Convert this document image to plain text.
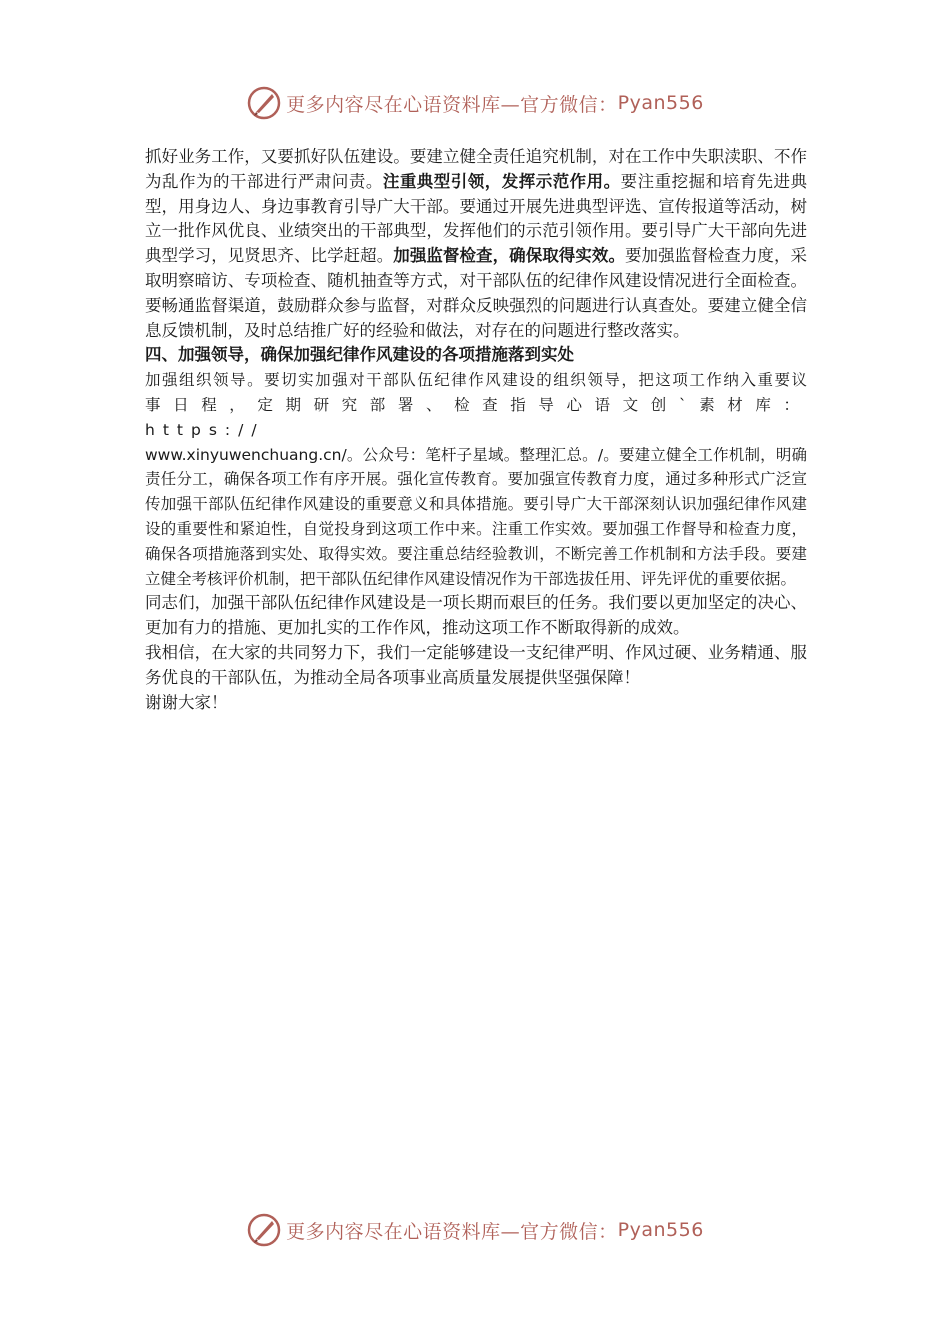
更多内容尽在心语资料库—官方微信： Pyan556

抓好业务工作，又要抓好队伍建设。要建立健全责任追究机制，对在工作中失职渎职、不作为乱作为的干部进行严肃问责。注重典型引领，发挥示范作用。要注重挖掘和培育先进典型，用身边人、身边事教育引导广大干部。要通过开展先进典型评选、宣传报道等活动，树立一批作风优良、业绩突出的干部典型，发挥他们的示范引领作用。要引导广大干部向先进典型学习，见贤思齐、比学赶超。加强监督检查，确保取得实效。要加强监督检查力度，采取明察暗访、专项检查、随机抽查等方式，对干部队伍的纪律作风建设情况进行全面检查。要畅通监督渠道，鼓励群众参与监督，对群众反映强烈的问题进行认真查处。要建立健全信息反馈机制，及时总结推广好的经验和做法，对存在的问题进行整改落实。

四、加强领导，确保加强纪律作风建设的各项措施落到实处

加强组织领导。要切实加强对干部队伍纪律作风建设的组织领导，把这项工作纳入重要议
事日程，定期研究部署、检查指导心语文创`素材库：https://
www.xinyuwenchuang.cn/。公众号：笔杆子星域。整理汇总。/。要建立健全工作机制，明确责任分工，确保各项工作有序开展。强化宣传教育。要加强宣传教育力度，通过多种形式广泛宣传加强干部队伍纪律作风建设的重要意义和具体措施。要引导广大干部深刻认识加强纪律作风建设的重要性和紧迫性，自觉投身到这项工作中来。注重工作实效。要加强工作督导和检查力度，确保各项措施落到实处、取得实效。要注重总结经验教训，不断完善工作机制和方法手段。要建立健全考核评价机制，把干部队伍纪律作风建设情况作为干部选拔任用、评先评优的重要依据。

同志们，加强干部队伍纪律作风建设是一项长期而艰巨的任务。我们要以更加坚定的决心、更加有力的措施、更加扎实的工作作风，推动这项工作不断取得新的成效。

我相信，在大家的共同努力下，我们一定能够建设一支纪律严明、作风过硬、业务精通、服务优良的干部队伍，为推动全局各项事业高质量发展提供坚强保障！

谢谢大家！

更多内容尽在心语资料库—官方微信： Pyan556
